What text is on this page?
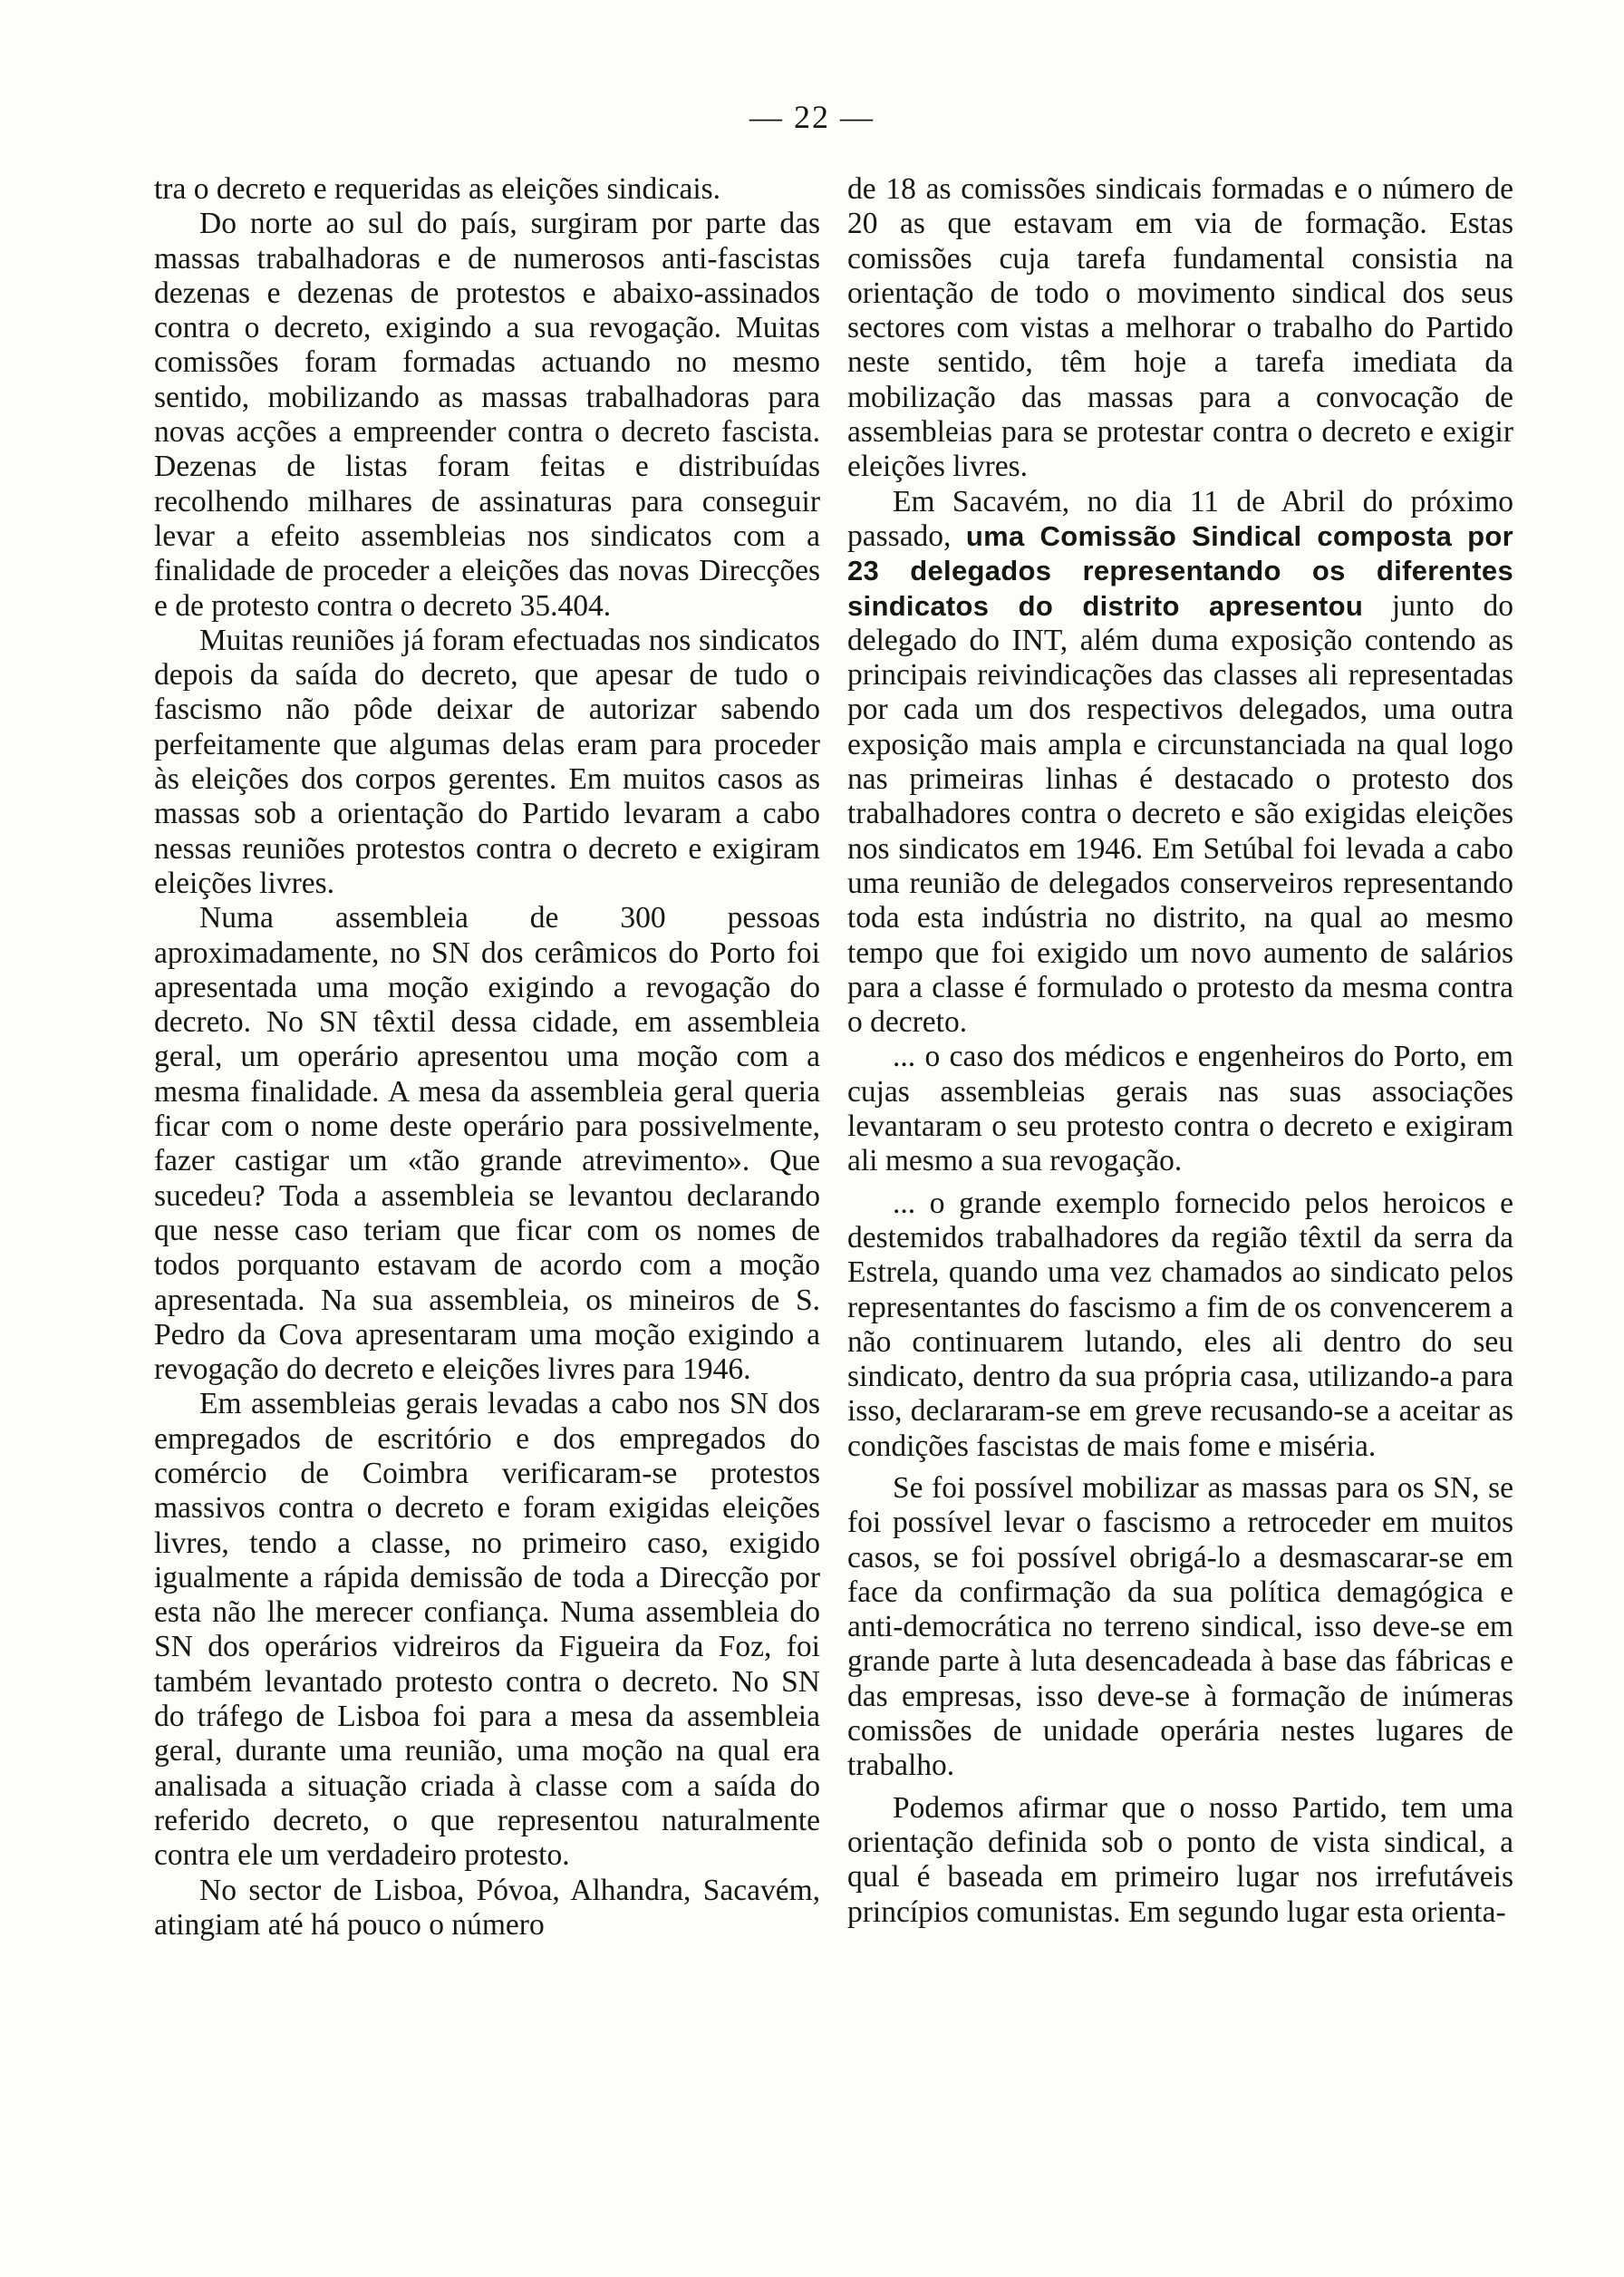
— 22 —

tra o decreto e requeridas as eleições sindicais.

Do norte ao sul do país, surgiram por parte das massas trabalhadoras e de numerosos anti-fascistas dezenas e dezenas de protestos e abaixo-assinados contra o decreto, exigindo a sua revogação. Muitas comissões foram formadas actuando no mesmo sentido, mobilizando as massas trabalhadoras para novas acções a empreender contra o decreto fascista. Dezenas de listas foram feitas e distribuídas recolhendo milhares de assinaturas para conseguir levar a efeito assembleias nos sindicatos com a finalidade de proceder a eleições das novas Direcções e de protesto contra o decreto 35.404.

Muitas reuniões já foram efectuadas nos sindicatos depois da saída do decreto, que apesar de tudo o fascismo não pôde deixar de autorizar sabendo perfeitamente que algumas delas eram para proceder às eleições dos corpos gerentes. Em muitos casos as massas sob a orientação do Partido levaram a cabo nessas reuniões protestos contra o decreto e exigiram eleições livres.

Numa assembleia de 300 pessoas aproximadamente, no SN dos cerâmicos do Porto foi apresentada uma moção exigindo a revogação do decreto. No SN têxtil dessa cidade, em assembleia geral, um operário apresentou uma moção com a mesma finalidade. A mesa da assembleia geral queria ficar com o nome deste operário para possivelmente, fazer castigar um «tão grande atrevimento». Que sucedeu? Toda a assembleia se levantou declarando que nesse caso teriam que ficar com os nomes de todos porquanto estavam de acordo com a moção apresentada. Na sua assembleia, os mineiros de S. Pedro da Cova apresentaram uma moção exigindo a revogação do decreto e eleições livres para 1946.

Em assembleias gerais levadas a cabo nos SN dos empregados de escritório e dos empregados do comércio de Coimbra verificaram-se protestos massivos contra o decreto e foram exigidas eleições livres, tendo a classe, no primeiro caso, exigido igualmente a rápida demissão de toda a Direcção por esta não lhe merecer confiança. Numa assembleia do SN dos operários vidreiros da Figueira da Foz, foi também levantado protesto contra o decreto. No SN do tráfego de Lisboa foi para a mesa da assembleia geral, durante uma reunião, uma moção na qual era analisada a situação criada à classe com a saída do referido decreto, o que representou naturalmente contra ele um verdadeiro protesto.

No sector de Lisboa, Póvoa, Alhandra, Sacavém, atingiam até há pouco o número

de 18 as comissões sindicais formadas e o número de 20 as que estavam em via de formação. Estas comissões cuja tarefa fundamental consistia na orientação de todo o movimento sindical dos seus sectores com vistas a melhorar o trabalho do Partido neste sentido, têm hoje a tarefa imediata da mobilização das massas para a convocação de assembleias para se protestar contra o decreto e exigir eleições livres.

Em Sacavém, no dia 11 de Abril do próximo passado, uma Comissão Sindical composta por 23 delegados representando os diferentes sindicatos do distrito apresentou junto do delegado do INT, além duma exposição contendo as principais reivindicações das classes ali representadas por cada um dos respectivos delegados, uma outra exposição mais ampla e circunstanciada na qual logo nas primeiras linhas é destacado o protesto dos trabalhadores contra o decreto e são exigidas eleições nos sindicatos em 1946. Em Setúbal foi levada a cabo uma reunião de delegados conserveiros representando toda esta indústria no distrito, na qual ao mesmo tempo que foi exigido um novo aumento de salários para a classe é formulado o protesto da mesma contra o decreto.

... o caso dos médicos e engenheiros do Porto, em cujas assembleias gerais nas suas associações levantaram o seu protesto contra o decreto e exigiram ali mesmo a sua revogação.

... o grande exemplo fornecido pelos heroicos e destemidos trabalhadores da região têxtil da serra da Estrela, quando uma vez chamados ao sindicato pelos representantes do fascismo a fim de os convencerem a não continuarem lutando, eles ali dentro do seu sindicato, dentro da sua própria casa, utilizando-a para isso, declararam-se em greve recusando-se a aceitar as condições fascistas de mais fome e miséria.

Se foi possível mobilizar as massas para os SN, se foi possível levar o fascismo a retroceder em muitos casos, se foi possível obrigá-lo a desmascarar-se em face da confirmação da sua política demagógica e anti-democrática no terreno sindical, isso deve-se em grande parte à luta desencadeada à base das fábricas e das empresas, isso deve-se à formação de inúmeras comissões de unidade operária nestes lugares de trabalho.

Podemos afirmar que o nosso Partido, tem uma orientação definida sob o ponto de vista sindical, a qual é baseada em primeiro lugar nos irrefutáveis princípios comunistas. Em segundo lugar esta orienta-
